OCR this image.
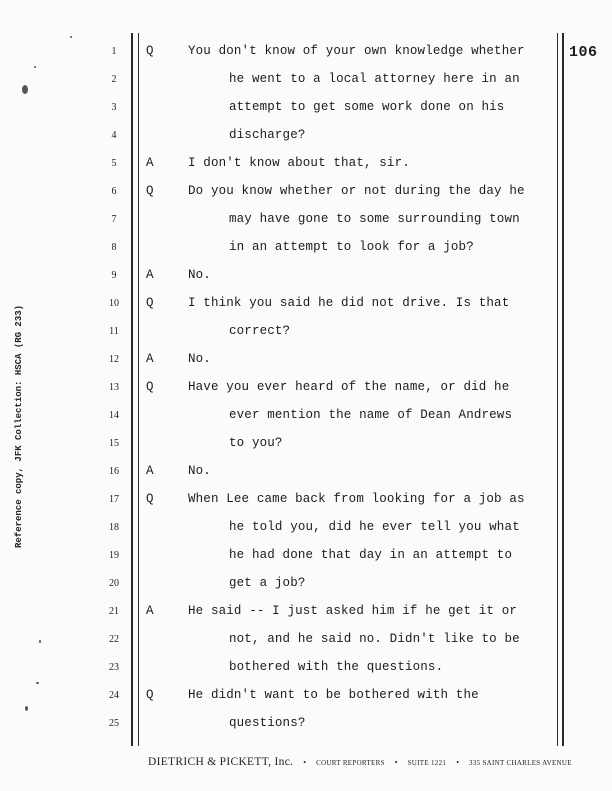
106
Reference copy, JFK Collection: HSCA (RG 233)
1	Q	You don't know of your own knowledge whether
2	he went to a local attorney here in an
3	attempt to get some work done on his
4	discharge?
5	A	I don't know about that, sir.
6	Q	Do you know whether or not during the day he
7	may have gone to some surrounding town
8	in an attempt to look for a job?
9	A	No.
10	Q	I think you said he did not drive. Is that
11	correct?
12	A	No.
13	Q	Have you ever heard of the name, or did he
14	ever mention the name of Dean Andrews
15	to you?
16	A	No.
17	Q	When Lee came back from looking for a job as
18	he told you, did he ever tell you what
19	he had done that day in an attempt to
20	get a job?
21	A	He said -- I just asked him if he get it or
22	not, and he said no. Didn't like to be
23	bothered with the questions.
24	Q	He didn't want to be bothered with the
25	questions?
DIETRICH & PICKETT, Inc. • COURT REPORTERS • SUITE 1221 • 335 SAINT CHARLES AVENUE
